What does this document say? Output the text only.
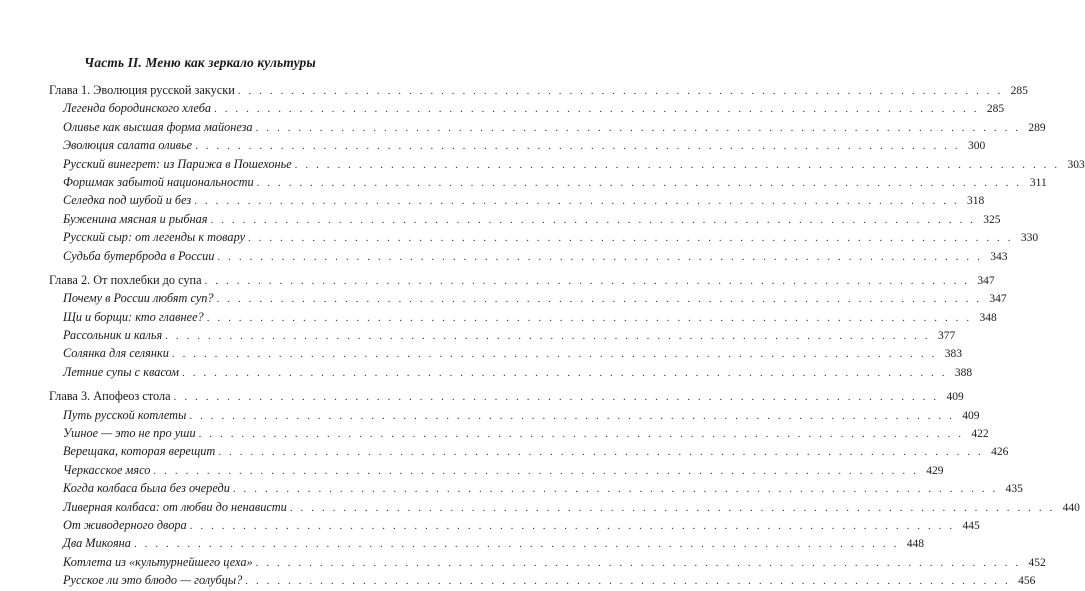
Часть II. Меню как зеркало культуры
Глава 1. Эволюция русской закуски . . .	285
Легенда бородинского хлеба . . .	285
Оливье как высшая форма майонеза . . .	289
Эволюция салата оливье . . .	300
Русский винегрет: из Парижа в Пошехонье . . .	303
Форшмак забытой национальности . . .	311
Селедка под шубой и без . . .	318
Буженина мясная и рыбная . . .	325
Русский сыр: от легенды к товару . . .	330
Судьба бутерброда в России . . .	343
Глава 2. От похлебки до супа . . .	347
Почему в России любят суп? . . .	347
Щи и борщи: кто главнее? . . .	348
Рассольник и калья . . .	377
Солянка для селянки . . .	383
Летние супы с квасом . . .	388
Глава 3. Апофеоз стола . . .	409
Путь русской котлеты . . .	409
Ушное — это не про уши . . .	422
Верещака, которая верещит . . .	426
Черкасское мясо . . .	429
Когда колбаса была без очереди . . .	435
Ливерная колбаса: от любви до ненависти . . .	440
От живодерного двора . . .	445
Два Микояна . . .	448
Котлета из «культурнейшего цеха» . . .	452
Русское ли это блюдо — голубцы? . . .	456
